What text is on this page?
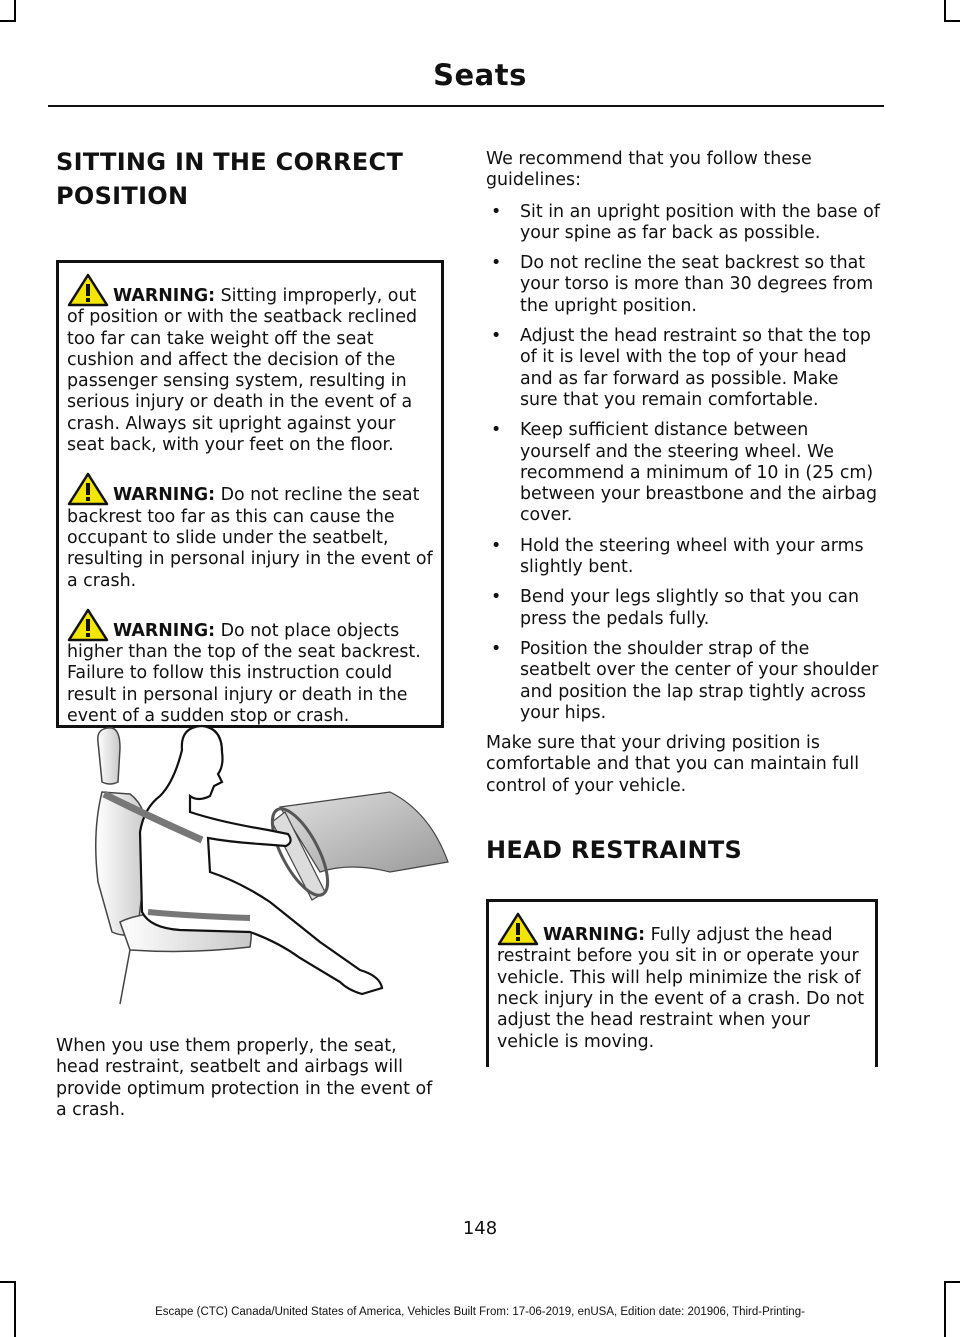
Seats
SITTING IN THE CORRECT
POSITION

WARNING: Sitting improperly, out of position or with the seatback reclined too far can take weight off the seat cushion and affect the decision of the passenger sensing system, resulting in serious injury or death in the event of a crash. Always sit upright against your seat back, with your feet on the floor.

WARNING: Do not recline the seat backrest too far as this can cause the occupant to slide under the seatbelt, resulting in personal injury in the event of a crash.

WARNING: Do not place objects higher than the top of the seat backrest. Failure to follow this instruction could result in personal injury or death in the event of a sudden stop or crash.

When you use them properly, the seat, head restraint, seatbelt and airbags will provide optimum protection in the event of a crash.

We recommend that you follow these guidelines:

• Sit in an upright position with the base of your spine as far back as possible.
• Do not recline the seat backrest so that your torso is more than 30 degrees from the upright position.
• Adjust the head restraint so that the top of it is level with the top of your head and as far forward as possible. Make sure that you remain comfortable.
• Keep sufficient distance between yourself and the steering wheel. We recommend a minimum of 10 in (25 cm) between your breastbone and the airbag cover.
• Hold the steering wheel with your arms slightly bent.
• Bend your legs slightly so that you can press the pedals fully.
• Position the shoulder strap of the seatbelt over the center of your shoulder and position the lap strap tightly across your hips.

Make sure that your driving position is comfortable and that you can maintain full control of your vehicle.

HEAD RESTRAINTS

WARNING: Fully adjust the head restraint before you sit in or operate your vehicle. This will help minimize the risk of neck injury in the event of a crash. Do not adjust the head restraint when your vehicle is moving.

148
Escape (CTC) Canada/United States of America, Vehicles Built From: 17-06-2019, enUSA, Edition date: 201906, Third-Printing-
